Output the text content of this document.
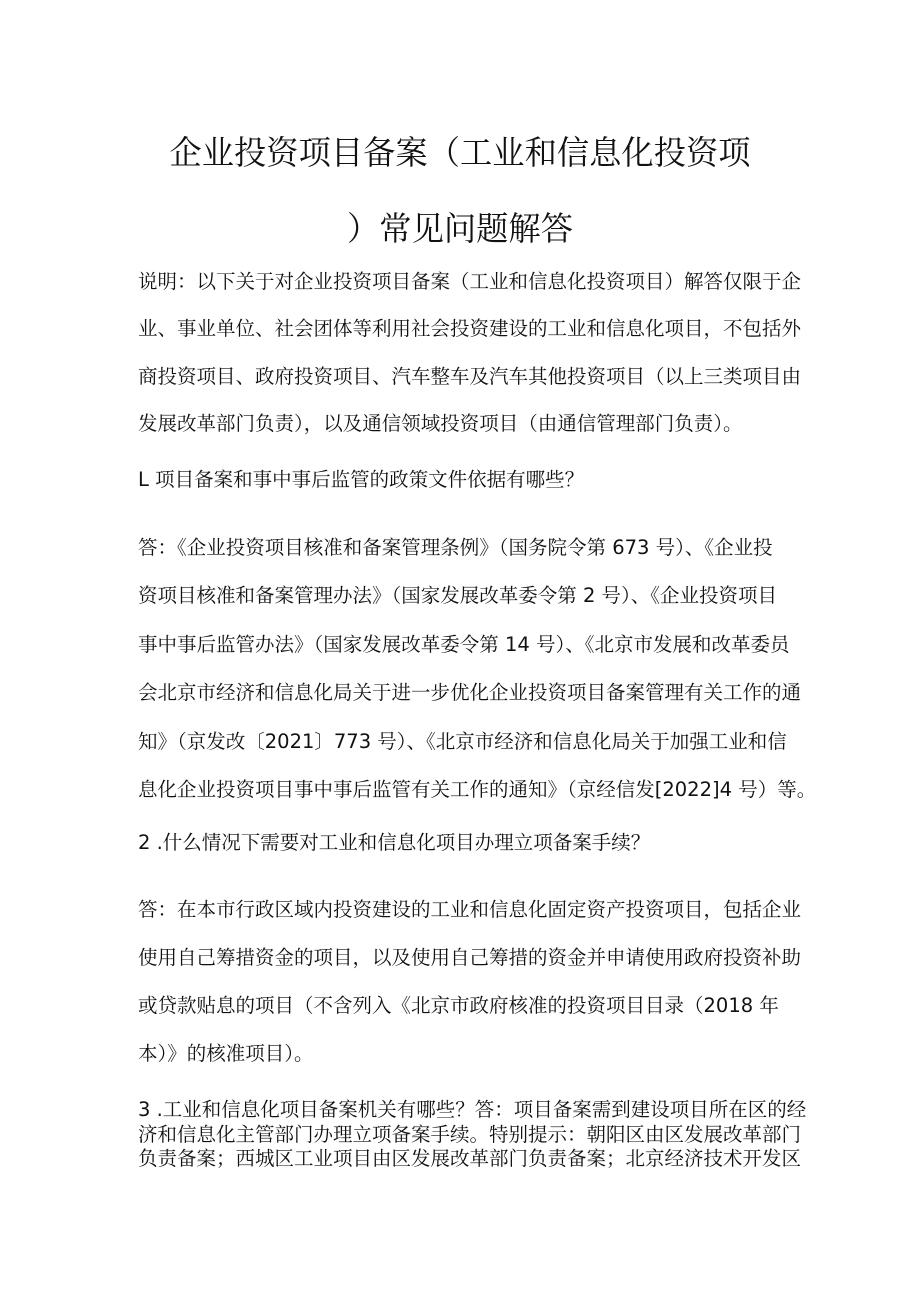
企业投资项目备案（工业和信息化投资项
）常见问题解答
说明：以下关于对企业投资项目备案（工业和信息化投资项目）解答仅限于企
业、事业单位、社会团体等利用社会投资建设的工业和信息化项目，不包括外
商投资项目、政府投资项目、汽车整车及汽车其他投资项目（以上三类项目由
发展改革部门负责），以及通信领域投资项目（由通信管理部门负责）。
L 项目备案和事中事后监管的政策文件依据有哪些？
答：《企业投资项目核准和备案管理条例》（国务院令第 673 号）、《企业投
资项目核准和备案管理办法》（国家发展改革委令第 2 号）、《企业投资项目
事中事后监管办法》（国家发展改革委令第 14 号）、《北京市发展和改革委员
会北京市经济和信息化局关于进一步优化企业投资项目备案管理有关工作的通
知》（京发改〔2021〕773 号）、《北京市经济和信息化局关于加强工业和信
息化企业投资项目事中事后监管有关工作的通知》（京经信发[2022]4 号）等。
2 .什么情况下需要对工业和信息化项目办理立项备案手续？
答：在本市行政区域内投资建设的工业和信息化固定资产投资项目，包括企业
使用自己筹措资金的项目，以及使用自己筹措的资金并申请使用政府投资补助
或贷款贴息的项目（不含列入《北京市政府核准的投资项目目录（2018 年
本）》的核准项目）。
3 .工业和信息化项目备案机关有哪些？答：项目备案需到建设项目所在区的经
济和信息化主管部门办理立项备案手续。特别提示：朝阳区由区发展改革部门
负责备案；西城区工业项目由区发展改革部门负责备案；北京经济技术开发区
